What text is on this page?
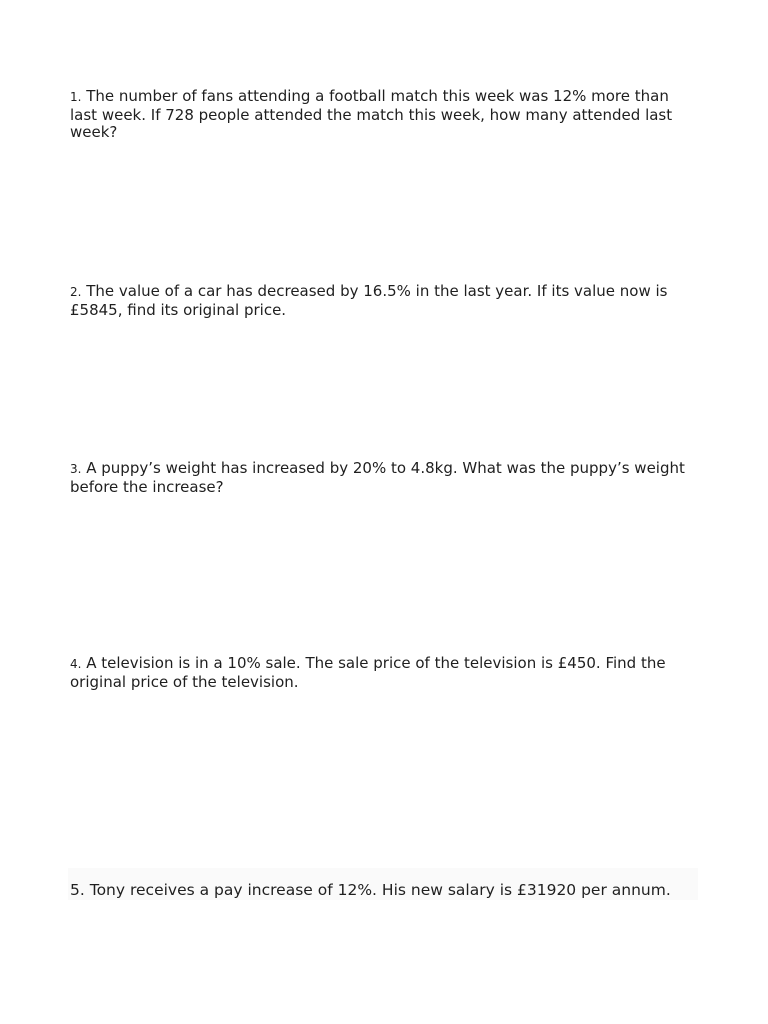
1. The number of fans attending a football match this week was 12% more than last week. If 728 people attended the match this week, how many attended last week?

2. The value of a car has decreased by 16.5% in the last year. If its value now is £5845, find its original price.

3. A puppy’s weight has increased by 20% to 4.8kg. What was the puppy’s weight before the increase?

4. A television is in a 10% sale. The sale price of the television is £450. Find the original price of the television.

5. Tony receives a pay increase of 12%. His new salary is £31920 per annum.
